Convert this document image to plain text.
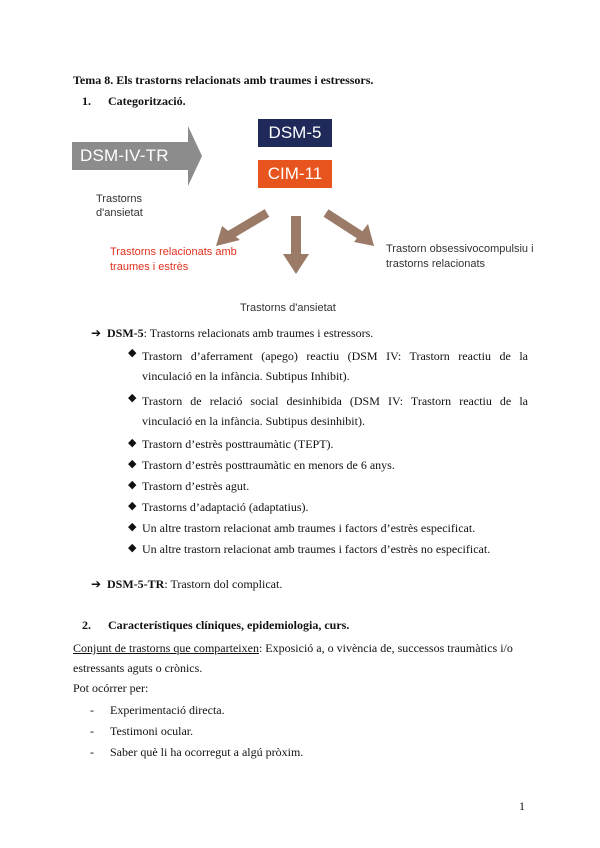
Tema 8. Els trastorns relacionats amb traumes i estressors.
1. Categorització.
DSM-IV-TR
DSM-5
CIM-11
Trastorns
d'ansietat
Trastorns relacionats amb
traumes i estrès
Trastorn obsessivocompulsiu i
trastorns relacionats
Trastorns d'ansietat
➔ DSM-5: Trastorns relacionats amb traumes i estressors.
◆ Trastorn d’aferrament (apego) reactiu (DSM IV: Trastorn reactiu de la vinculació en la infància. Subtipus Inhibit).
◆ Trastorn de relació social desinhibida (DSM IV: Trastorn reactiu de la vinculació en la infància. Subtipus desinhibit).
◆ Trastorn d’estrès posttraumàtic (TEPT).
◆ Trastorn d’estrès posttraumàtic en menors de 6 anys.
◆ Trastorn d’estrès agut.
◆ Trastorns d’adaptació (adaptatius).
◆ Un altre trastorn relacionat amb traumes i factors d’estrès especificat.
◆ Un altre trastorn relacionat amb traumes i factors d’estrès no especificat.
➔ DSM-5-TR: Trastorn dol complicat.
2. Característiques clíniques, epidemiologia, curs.
Conjunt de trastorns que comparteixen: Exposició a, o vivència de, successos traumàtics i/o
estressants aguts o crònics.
Pot ocórrer per:
- Experimentació directa.
- Testimoni ocular.
- Saber què li ha ocorregut a algú pròxim.
1
